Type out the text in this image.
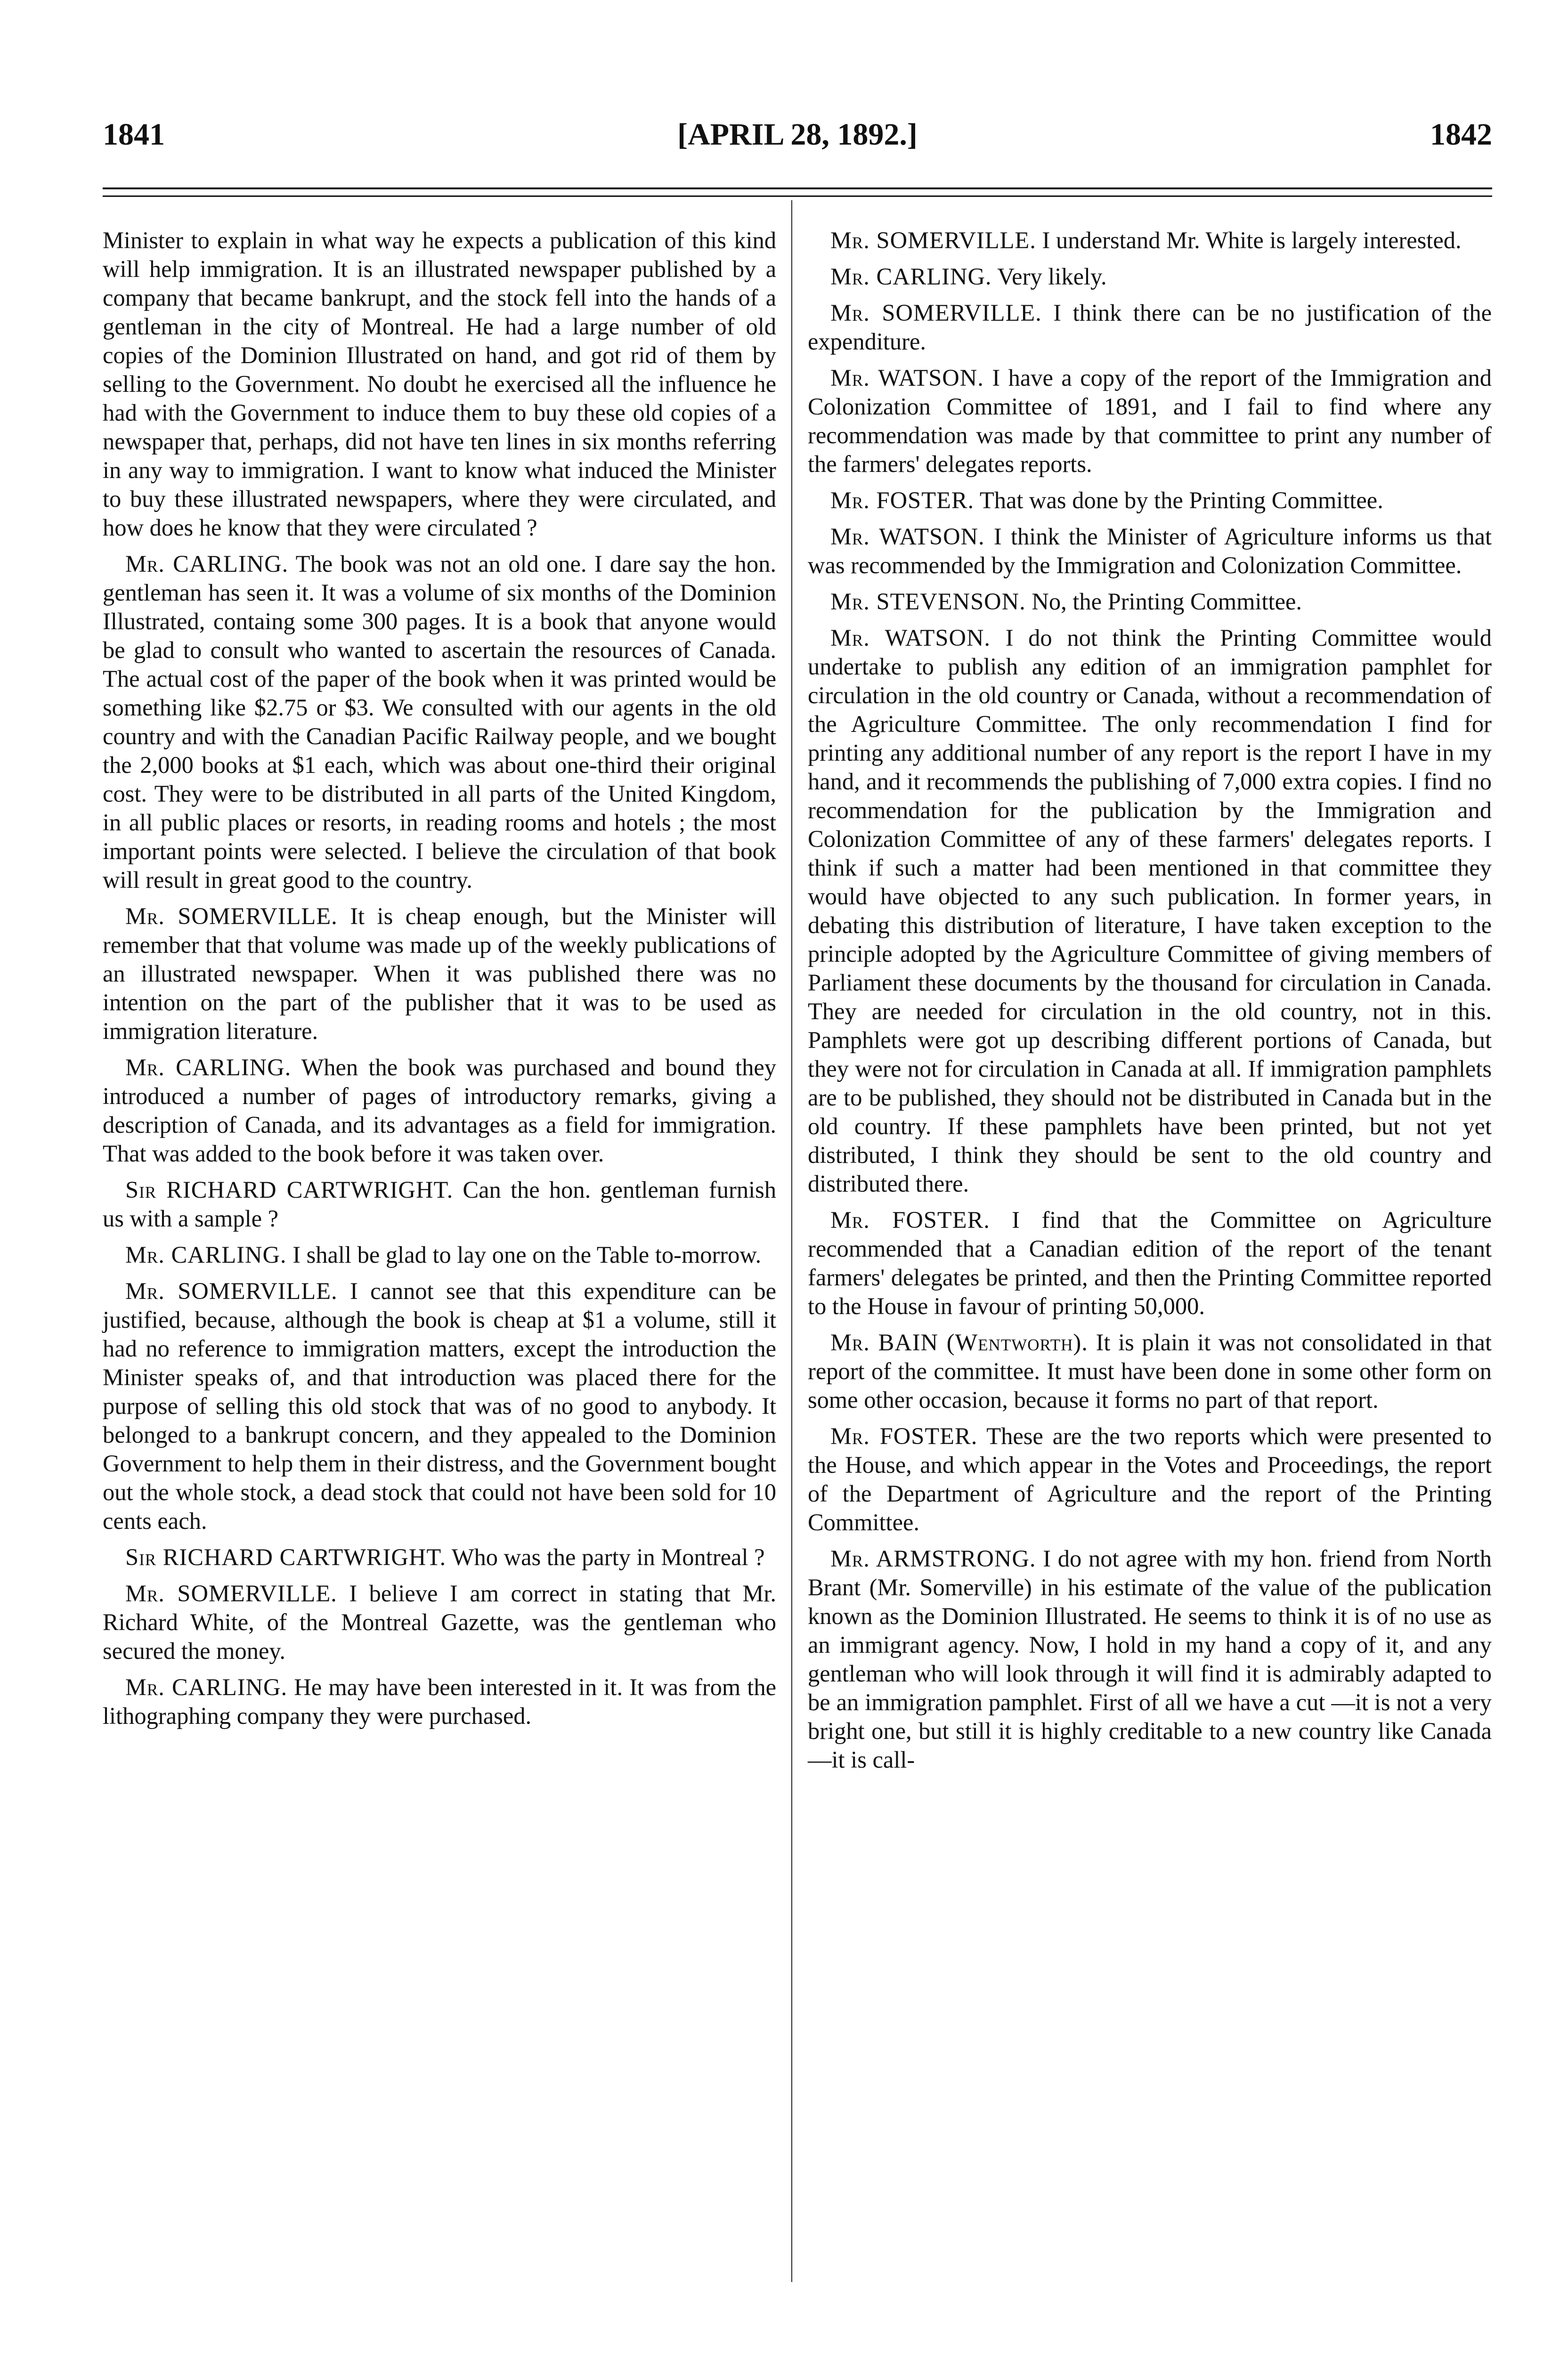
1841	[APRIL 28, 1892.]	1842

Minister to explain in what way he expects a publication of this kind will help immigration. It is an illustrated newspaper published by a company that became bankrupt, and the stock fell into the hands of a gentleman in the city of Montreal. He had a large number of old copies of the Dominion Illustrated on hand, and got rid of them by selling to the Government. No doubt he exercised all the influence he had with the Government to induce them to buy these old copies of a newspaper that, perhaps, did not have ten lines in six months referring in any way to immigration. I want to know what induced the Minister to buy these illustrated newspapers, where they were circulated, and how does he know that they were circulated ?

Mr. CARLING. The book was not an old one. I dare say the hon. gentleman has seen it. It was a volume of six months of the Dominion Illustrated, containg some 300 pages. It is a book that anyone would be glad to consult who wanted to ascertain the resources of Canada. The actual cost of the paper of the book when it was printed would be something like $2.75 or $3. We consulted with our agents in the old country and with the Canadian Pacific Railway people, and we bought the 2,000 books at $1 each, which was about one-third their original cost. They were to be distributed in all parts of the United Kingdom, in all public places or resorts, in reading rooms and hotels ; the most important points were selected. I believe the circulation of that book will result in great good to the country.

Mr. SOMERVILLE. It is cheap enough, but the Minister will remember that that volume was made up of the weekly publications of an illustrated newspaper. When it was published there was no intention on the part of the publisher that it was to be used as immigration literature.

Mr. CARLING. When the book was purchased and bound they introduced a number of pages of introductory remarks, giving a description of Canada, and its advantages as a field for immigration. That was added to the book before it was taken over.

Sir RICHARD CARTWRIGHT. Can the hon. gentleman furnish us with a sample ?

Mr. CARLING. I shall be glad to lay one on the Table to-morrow.

Mr. SOMERVILLE. I cannot see that this expenditure can be justified, because, although the book is cheap at $1 a volume, still it had no reference to immigration matters, except the introduction the Minister speaks of, and that introduction was placed there for the purpose of selling this old stock that was of no good to anybody. It belonged to a bankrupt concern, and they appealed to the Dominion Government to help them in their distress, and the Government bought out the whole stock, a dead stock that could not have been sold for 10 cents each.

Sir RICHARD CARTWRIGHT. Who was the party in Montreal ?

Mr. SOMERVILLE. I believe I am correct in stating that Mr. Richard White, of the Montreal Gazette, was the gentleman who secured the money.

Mr. CARLING. He may have been interested in it. It was from the lithographing company they were purchased.

Mr. SOMERVILLE. I understand Mr. White is largely interested.

Mr. CARLING. Very likely.

Mr. SOMERVILLE. I think there can be no justification of the expenditure.

Mr. WATSON. I have a copy of the report of the Immigration and Colonization Committee of 1891, and I fail to find where any recommendation was made by that committee to print any number of the farmers' delegates reports.

Mr. FOSTER. That was done by the Printing Committee.

Mr. WATSON. I think the Minister of Agriculture informs us that was recommended by the Immigration and Colonization Committee.

Mr. STEVENSON. No, the Printing Committee.

Mr. WATSON. I do not think the Printing Committee would undertake to publish any edition of an immigration pamphlet for circulation in the old country or Canada, without a recommendation of the Agriculture Committee. The only recommendation I find for printing any additional number of any report is the report I have in my hand, and it recommends the publishing of 7,000 extra copies. I find no recommendation for the publication by the Immigration and Colonization Committee of any of these farmers' delegates reports. I think if such a matter had been mentioned in that committee they would have objected to any such publication. In former years, in debating this distribution of literature, I have taken exception to the principle adopted by the Agriculture Committee of giving members of Parliament these documents by the thousand for circulation in Canada. They are needed for circulation in the old country, not in this. Pamphlets were got up describing different portions of Canada, but they were not for circulation in Canada at all. If immigration pamphlets are to be published, they should not be distributed in Canada but in the old country. If these pamphlets have been printed, but not yet distributed, I think they should be sent to the old country and distributed there.

Mr. FOSTER. I find that the Committee on Agriculture recommended that a Canadian edition of the report of the tenant farmers' delegates be printed, and then the Printing Committee reported to the House in favour of printing 50,000.

Mr. BAIN (Wentworth). It is plain it was not consolidated in that report of the committee. It must have been done in some other form on some other occasion, because it forms no part of that report.

Mr. FOSTER. These are the two reports which were presented to the House, and which appear in the Votes and Proceedings, the report of the Department of Agriculture and the report of the Printing Committee.

Mr. ARMSTRONG. I do not agree with my hon. friend from North Brant (Mr. Somerville) in his estimate of the value of the publication known as the Dominion Illustrated. He seems to think it is of no use as an immigrant agency. Now, I hold in my hand a copy of it, and any gentleman who will look through it will find it is admirably adapted to be an immigration pamphlet. First of all we have a cut —it is not a very bright one, but still it is highly creditable to a new country like Canada —it is call-
